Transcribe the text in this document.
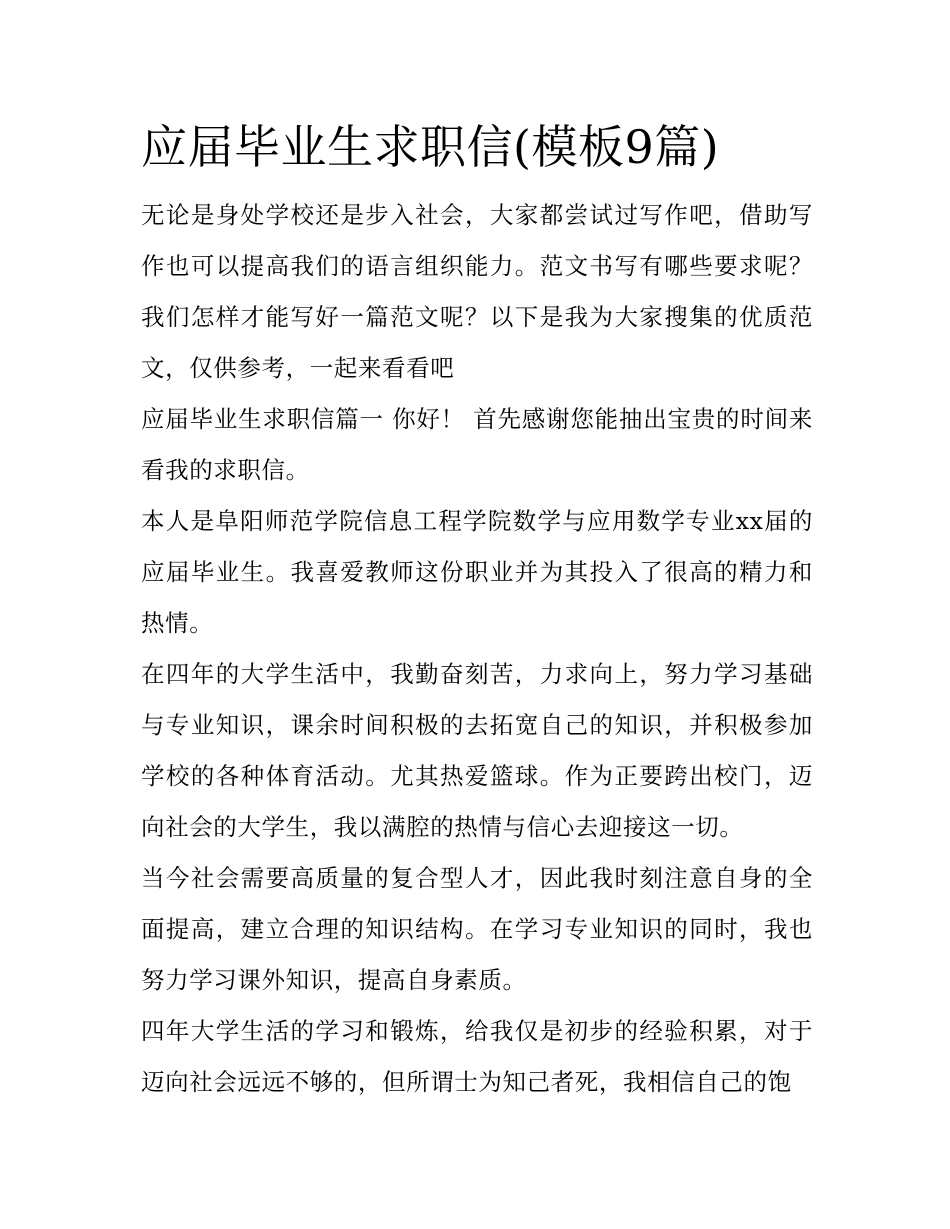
应届毕业生求职信(模板9篇)

无论是身处学校还是步入社会，大家都尝试过写作吧，借助写作也可以提高我们的语言组织能力。范文书写有哪些要求呢？我们怎样才能写好一篇范文呢？以下是我为大家搜集的优质范文，仅供参考，一起来看看吧

应届毕业生求职信篇一 你好！ 首先感谢您能抽出宝贵的时间来看我的求职信。

本人是阜阳师范学院信息工程学院数学与应用数学专业xx届的应届毕业生。我喜爱教师这份职业并为其投入了很高的精力和热情。

在四年的大学生活中，我勤奋刻苦，力求向上，努力学习基础与专业知识，课余时间积极的去拓宽自己的知识，并积极参加学校的各种体育活动。尤其热爱篮球。作为正要跨出校门，迈向社会的大学生，我以满腔的热情与信心去迎接这一切。

当今社会需要高质量的复合型人才，因此我时刻注意自身的全面提高，建立合理的知识结构。在学习专业知识的同时，我也努力学习课外知识，提高自身素质。

四年大学生活的学习和锻炼，给我仅是初步的经验积累，对于迈向社会远远不够的，但所谓士为知己者死，我相信自己的饱
